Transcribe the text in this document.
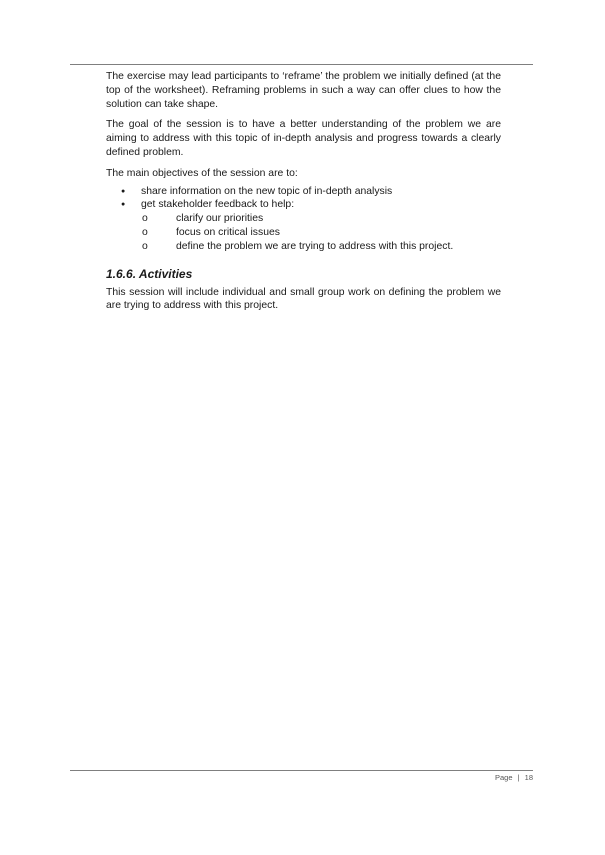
The exercise may lead participants to ‘reframe’ the problem we initially defined (at the top of the worksheet). Reframing problems in such a way can offer clues to how the solution can take shape.

The goal of the session is to have a better understanding of the problem we are aiming to address with this topic of in-depth analysis and progress towards a clearly defined problem.

The main objectives of the session are to:

●	share information on the new topic of in-depth analysis
●	get stakeholder feedback to help:
o	clarify our priorities
o	focus on critical issues
o	define the problem we are trying to address with this project.
1.6.6. Activities

This session will include individual and small group work on defining the problem we are trying to address with this project.

Page | 18
